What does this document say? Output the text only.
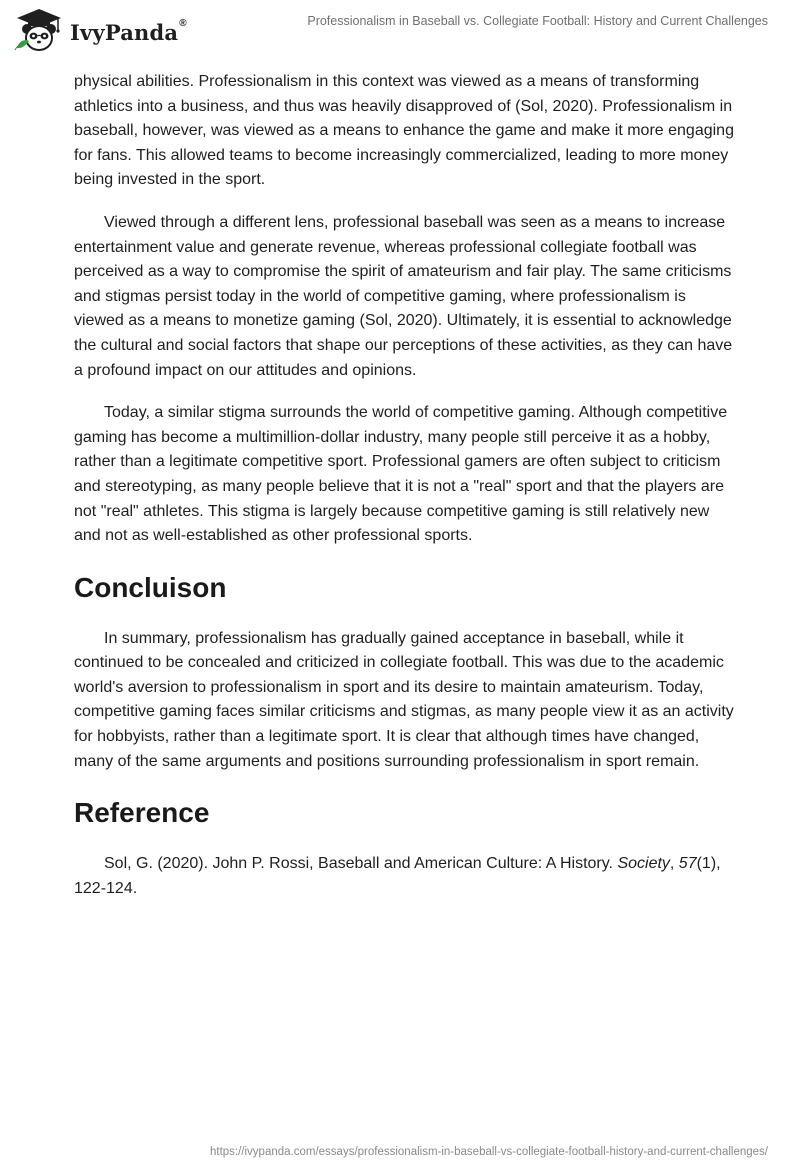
IvyPanda®	Professionalism in Baseball vs. Collegiate Football: History and Current Challenges

physical abilities. Professionalism in this context was viewed as a means of transforming athletics into a business, and thus was heavily disapproved of (Sol, 2020). Professionalism in baseball, however, was viewed as a means to enhance the game and make it more engaging for fans. This allowed teams to become increasingly commercialized, leading to more money being invested in the sport.

Viewed through a different lens, professional baseball was seen as a means to increase entertainment value and generate revenue, whereas professional collegiate football was perceived as a way to compromise the spirit of amateurism and fair play. The same criticisms and stigmas persist today in the world of competitive gaming, where professionalism is viewed as a means to monetize gaming (Sol, 2020). Ultimately, it is essential to acknowledge the cultural and social factors that shape our perceptions of these activities, as they can have a profound impact on our attitudes and opinions.

Today, a similar stigma surrounds the world of competitive gaming. Although competitive gaming has become a multimillion-dollar industry, many people still perceive it as a hobby, rather than a legitimate competitive sport. Professional gamers are often subject to criticism and stereotyping, as many people believe that it is not a "real" sport and that the players are not "real" athletes. This stigma is largely because competitive gaming is still relatively new and not as well-established as other professional sports.

Concluison

In summary, professionalism has gradually gained acceptance in baseball, while it continued to be concealed and criticized in collegiate football. This was due to the academic world's aversion to professionalism in sport and its desire to maintain amateurism. Today, competitive gaming faces similar criticisms and stigmas, as many people view it as an activity for hobbyists, rather than a legitimate sport. It is clear that although times have changed, many of the same arguments and positions surrounding professionalism in sport remain.

Reference

Sol, G. (2020). John P. Rossi, Baseball and American Culture: A History. Society, 57(1), 122-124.

https://ivypanda.com/essays/professionalism-in-baseball-vs-collegiate-football-history-and-current-challenges/
